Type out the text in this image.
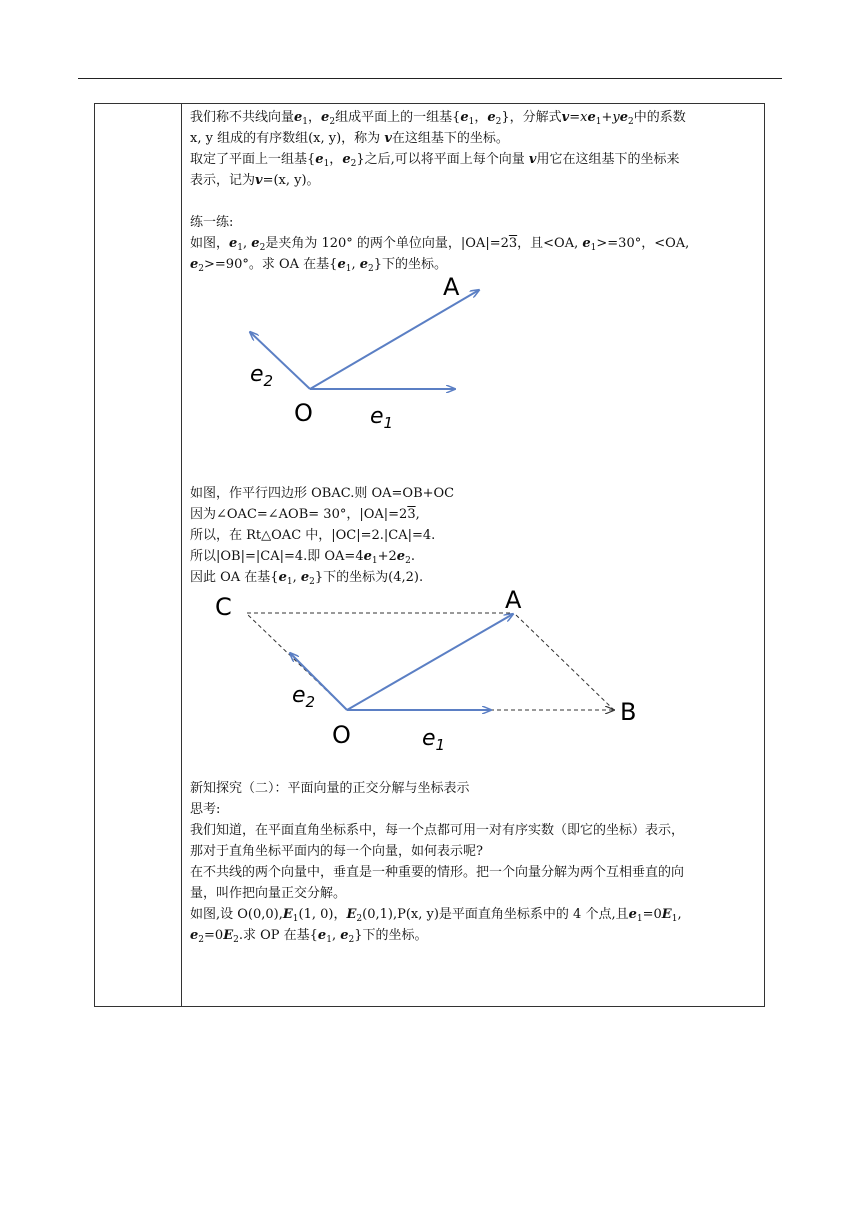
我们称不共线向量$e_1$，$e_2$组成平面上的一组基{$e_1$，$e_2$}，分解式$v=xe_1+ye_2$中的系数
x, y 组成的有序数组(x, y)，称为 v在这组基下的坐标。
取定了平面上一组基{$e_1$，$e_2$}之后,可以将平面上每个向量 v用它在这组基下的坐标来
表示，记为v=(x, y)。
练一练:
如图，$e_1$, $e_2$是夹角为 120° 的两个单位向量，|OA|=23，且<OA, $e_1>=30^\circ$，<OA,
$e_2>=90^\circ$。求 OA 在基{$e_1$, $e_2$}下的坐标。
A
O
$e_2$
$e_1$
如图，作平行四边形 OBAC.则 OA=OB+OC
因为∠OAC=∠AOB= 30°，|OA|=23,
所以，在 Rt△OAC 中，|OC|=2.|CA|=4.
所以|OB|=|CA|=4.即 $OA=4e_1+2e_2$.
因此 OA 在基{$e_1$, $e_2$}下的坐标为(4,2).
C	A
B
O
$e_2$
$e_1$
新知探究（二）：平面向量的正交分解与坐标表示
思考:
我们知道，在平面直角坐标系中，每一个点都可用一对有序实数（即它的坐标）表示，
那对于直角坐标平面内的每一个向量，如何表示呢?
在不共线的两个向量中，垂直是一种重要的情形。把一个向量分解为两个互相垂直的向
量，叫作把向量正交分解。
如图,设 $O(0,0),E_1(1$, 0)，$E_2(0,1),P(x$, y)是平面直角坐标系中的 4 个点,且$e_1=0E_1$,
$e_2=0E_2$.求 OP 在基{$e_1$, $e_2$}下的坐标。
